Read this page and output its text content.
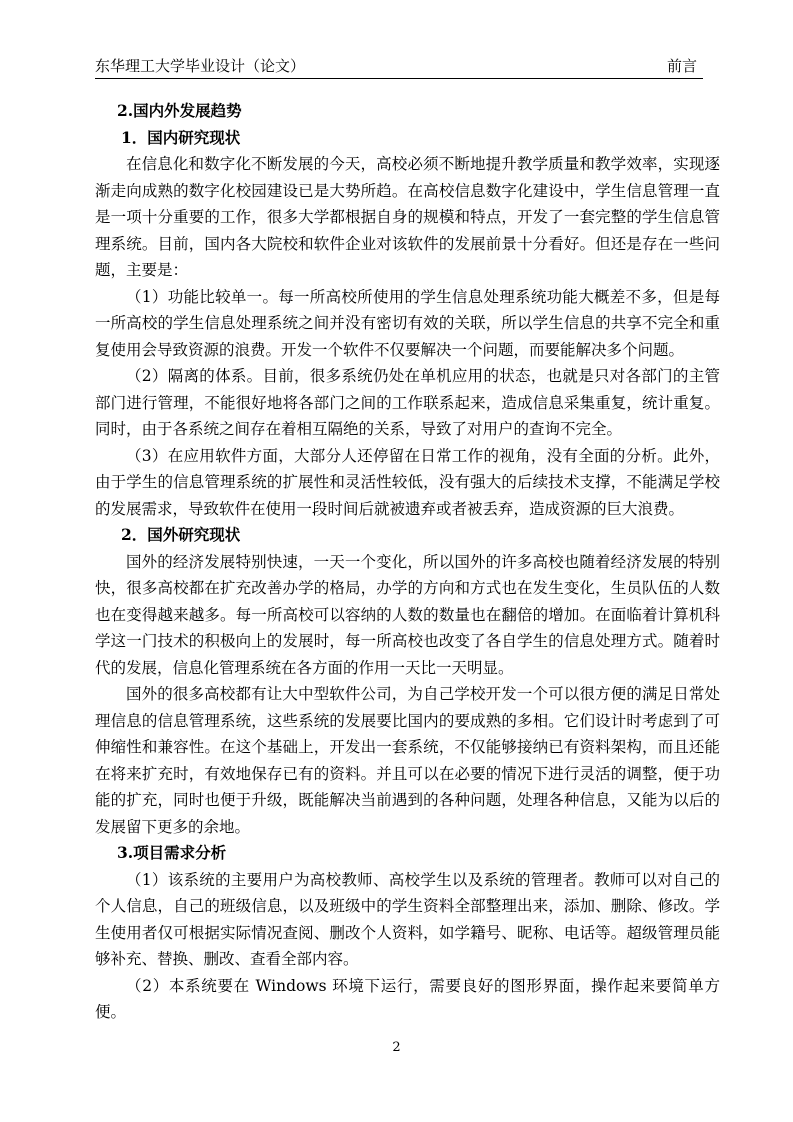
东华理工大学毕业设计（论文）	前言
2.国内外发展趋势
1．国内研究现状

在信息化和数字化不断发展的今天，高校必须不断地提升教学质量和教学效率，实现逐渐走向成熟的数字化校园建设已是大势所趋。在高校信息数字化建设中，学生信息管理一直是一项十分重要的工作，很多大学都根据自身的规模和特点，开发了一套完整的学生信息管理系统。目前，国内各大院校和软件企业对该软件的发展前景十分看好。但还是存在一些问题，主要是：

（1）功能比较单一。每一所高校所使用的学生信息处理系统功能大概差不多，但是每一所高校的学生信息处理系统之间并没有密切有效的关联，所以学生信息的共享不完全和重复使用会导致资源的浪费。开发一个软件不仅要解决一个问题，而要能解决多个问题。

（2）隔离的体系。目前，很多系统仍处在单机应用的状态，也就是只对各部门的主管部门进行管理，不能很好地将各部门之间的工作联系起来，造成信息采集重复，统计重复。同时，由于各系统之间存在着相互隔绝的关系，导致了对用户的查询不完全。

（3）在应用软件方面，大部分人还停留在日常工作的视角，没有全面的分析。此外，由于学生的信息管理系统的扩展性和灵活性较低，没有强大的后续技术支撑，不能满足学校的发展需求，导致软件在使用一段时间后就被遗弃或者被丢弃，造成资源的巨大浪费。

2．国外研究现状

国外的经济发展特别快速，一天一个变化，所以国外的许多高校也随着经济发展的特别快，很多高校都在扩充改善办学的格局，办学的方向和方式也在发生变化，生员队伍的人数也在变得越来越多。每一所高校可以容纳的人数的数量也在翻倍的增加。在面临着计算机科学这一门技术的积极向上的发展时，每一所高校也改变了各自学生的信息处理方式。随着时代的发展，信息化管理系统在各方面的作用一天比一天明显。

国外的很多高校都有让大中型软件公司，为自己学校开发一个可以很方便的满足日常处理信息的信息管理系统，这些系统的发展要比国内的要成熟的多相。它们设计时考虑到了可伸缩性和兼容性。在这个基础上，开发出一套系统，不仅能够接纳已有资料架构，而且还能在将来扩充时，有效地保存已有的资料。并且可以在必要的情况下进行灵活的调整，便于功能的扩充，同时也便于升级，既能解决当前遇到的各种问题，处理各种信息，又能为以后的发展留下更多的余地。

3.项目需求分析

（1）该系统的主要用户为高校教师、高校学生以及系统的管理者。教师可以对自己的个人信息，自己的班级信息，以及班级中的学生资料全部整理出来，添加、删除、修改。学生使用者仅可根据实际情况查阅、删改个人资料，如学籍号、昵称、电话等。超级管理员能够补充、替换、删改、查看全部内容。

（2）本系统要在 Windows 环境下运行，需要良好的图形界面，操作起来要简单方便。

2
